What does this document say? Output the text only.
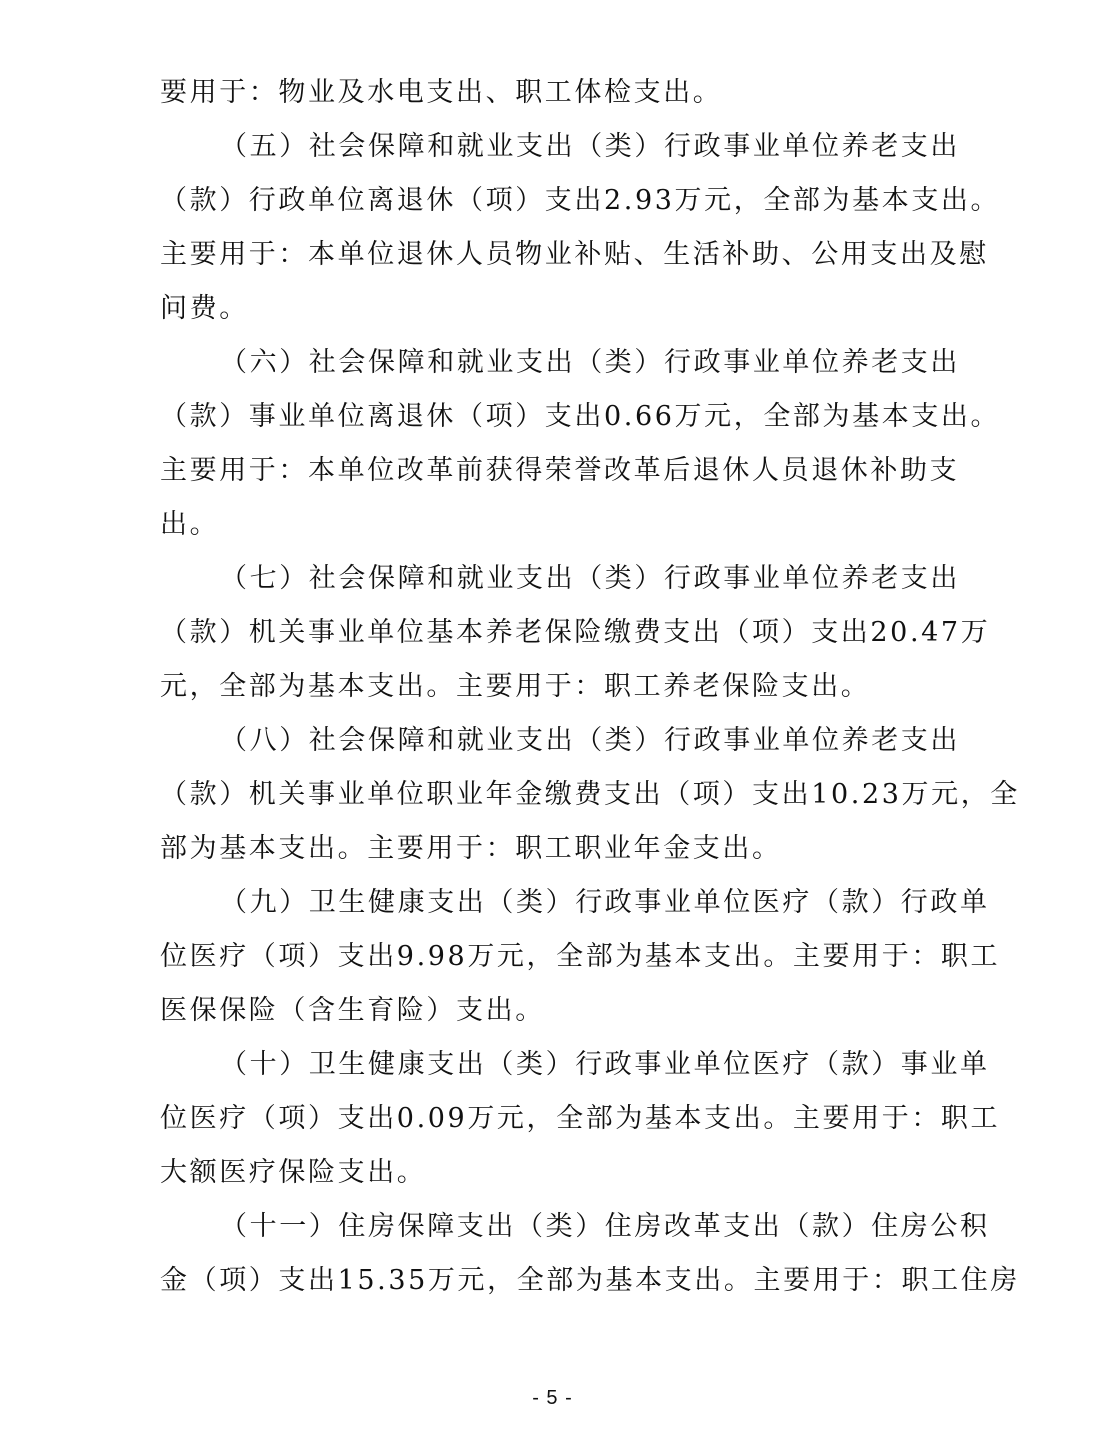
要用于：物业及水电支出、职工体检支出。
（五）社会保障和就业支出（类）行政事业单位养老支出
（款）行政单位离退休（项）支出2.93万元，全部为基本支出。
主要用于：本单位退休人员物业补贴、生活补助、公用支出及慰
问费。
（六）社会保障和就业支出（类）行政事业单位养老支出
（款）事业单位离退休（项）支出0.66万元，全部为基本支出。
主要用于：本单位改革前获得荣誉改革后退休人员退休补助支
出。
（七）社会保障和就业支出（类）行政事业单位养老支出
（款）机关事业单位基本养老保险缴费支出（项）支出20.47万
元，全部为基本支出。主要用于：职工养老保险支出。
（八）社会保障和就业支出（类）行政事业单位养老支出
（款）机关事业单位职业年金缴费支出（项）支出10.23万元，全
部为基本支出。主要用于：职工职业年金支出。
（九）卫生健康支出（类）行政事业单位医疗（款）行政单
位医疗（项）支出9.98万元，全部为基本支出。主要用于：职工
医保保险（含生育险）支出。
（十）卫生健康支出（类）行政事业单位医疗（款）事业单
位医疗（项）支出0.09万元，全部为基本支出。主要用于：职工
大额医疗保险支出。
（十一）住房保障支出（类）住房改革支出（款）住房公积
金（项）支出15.35万元，全部为基本支出。主要用于：职工住房
- 5 -
